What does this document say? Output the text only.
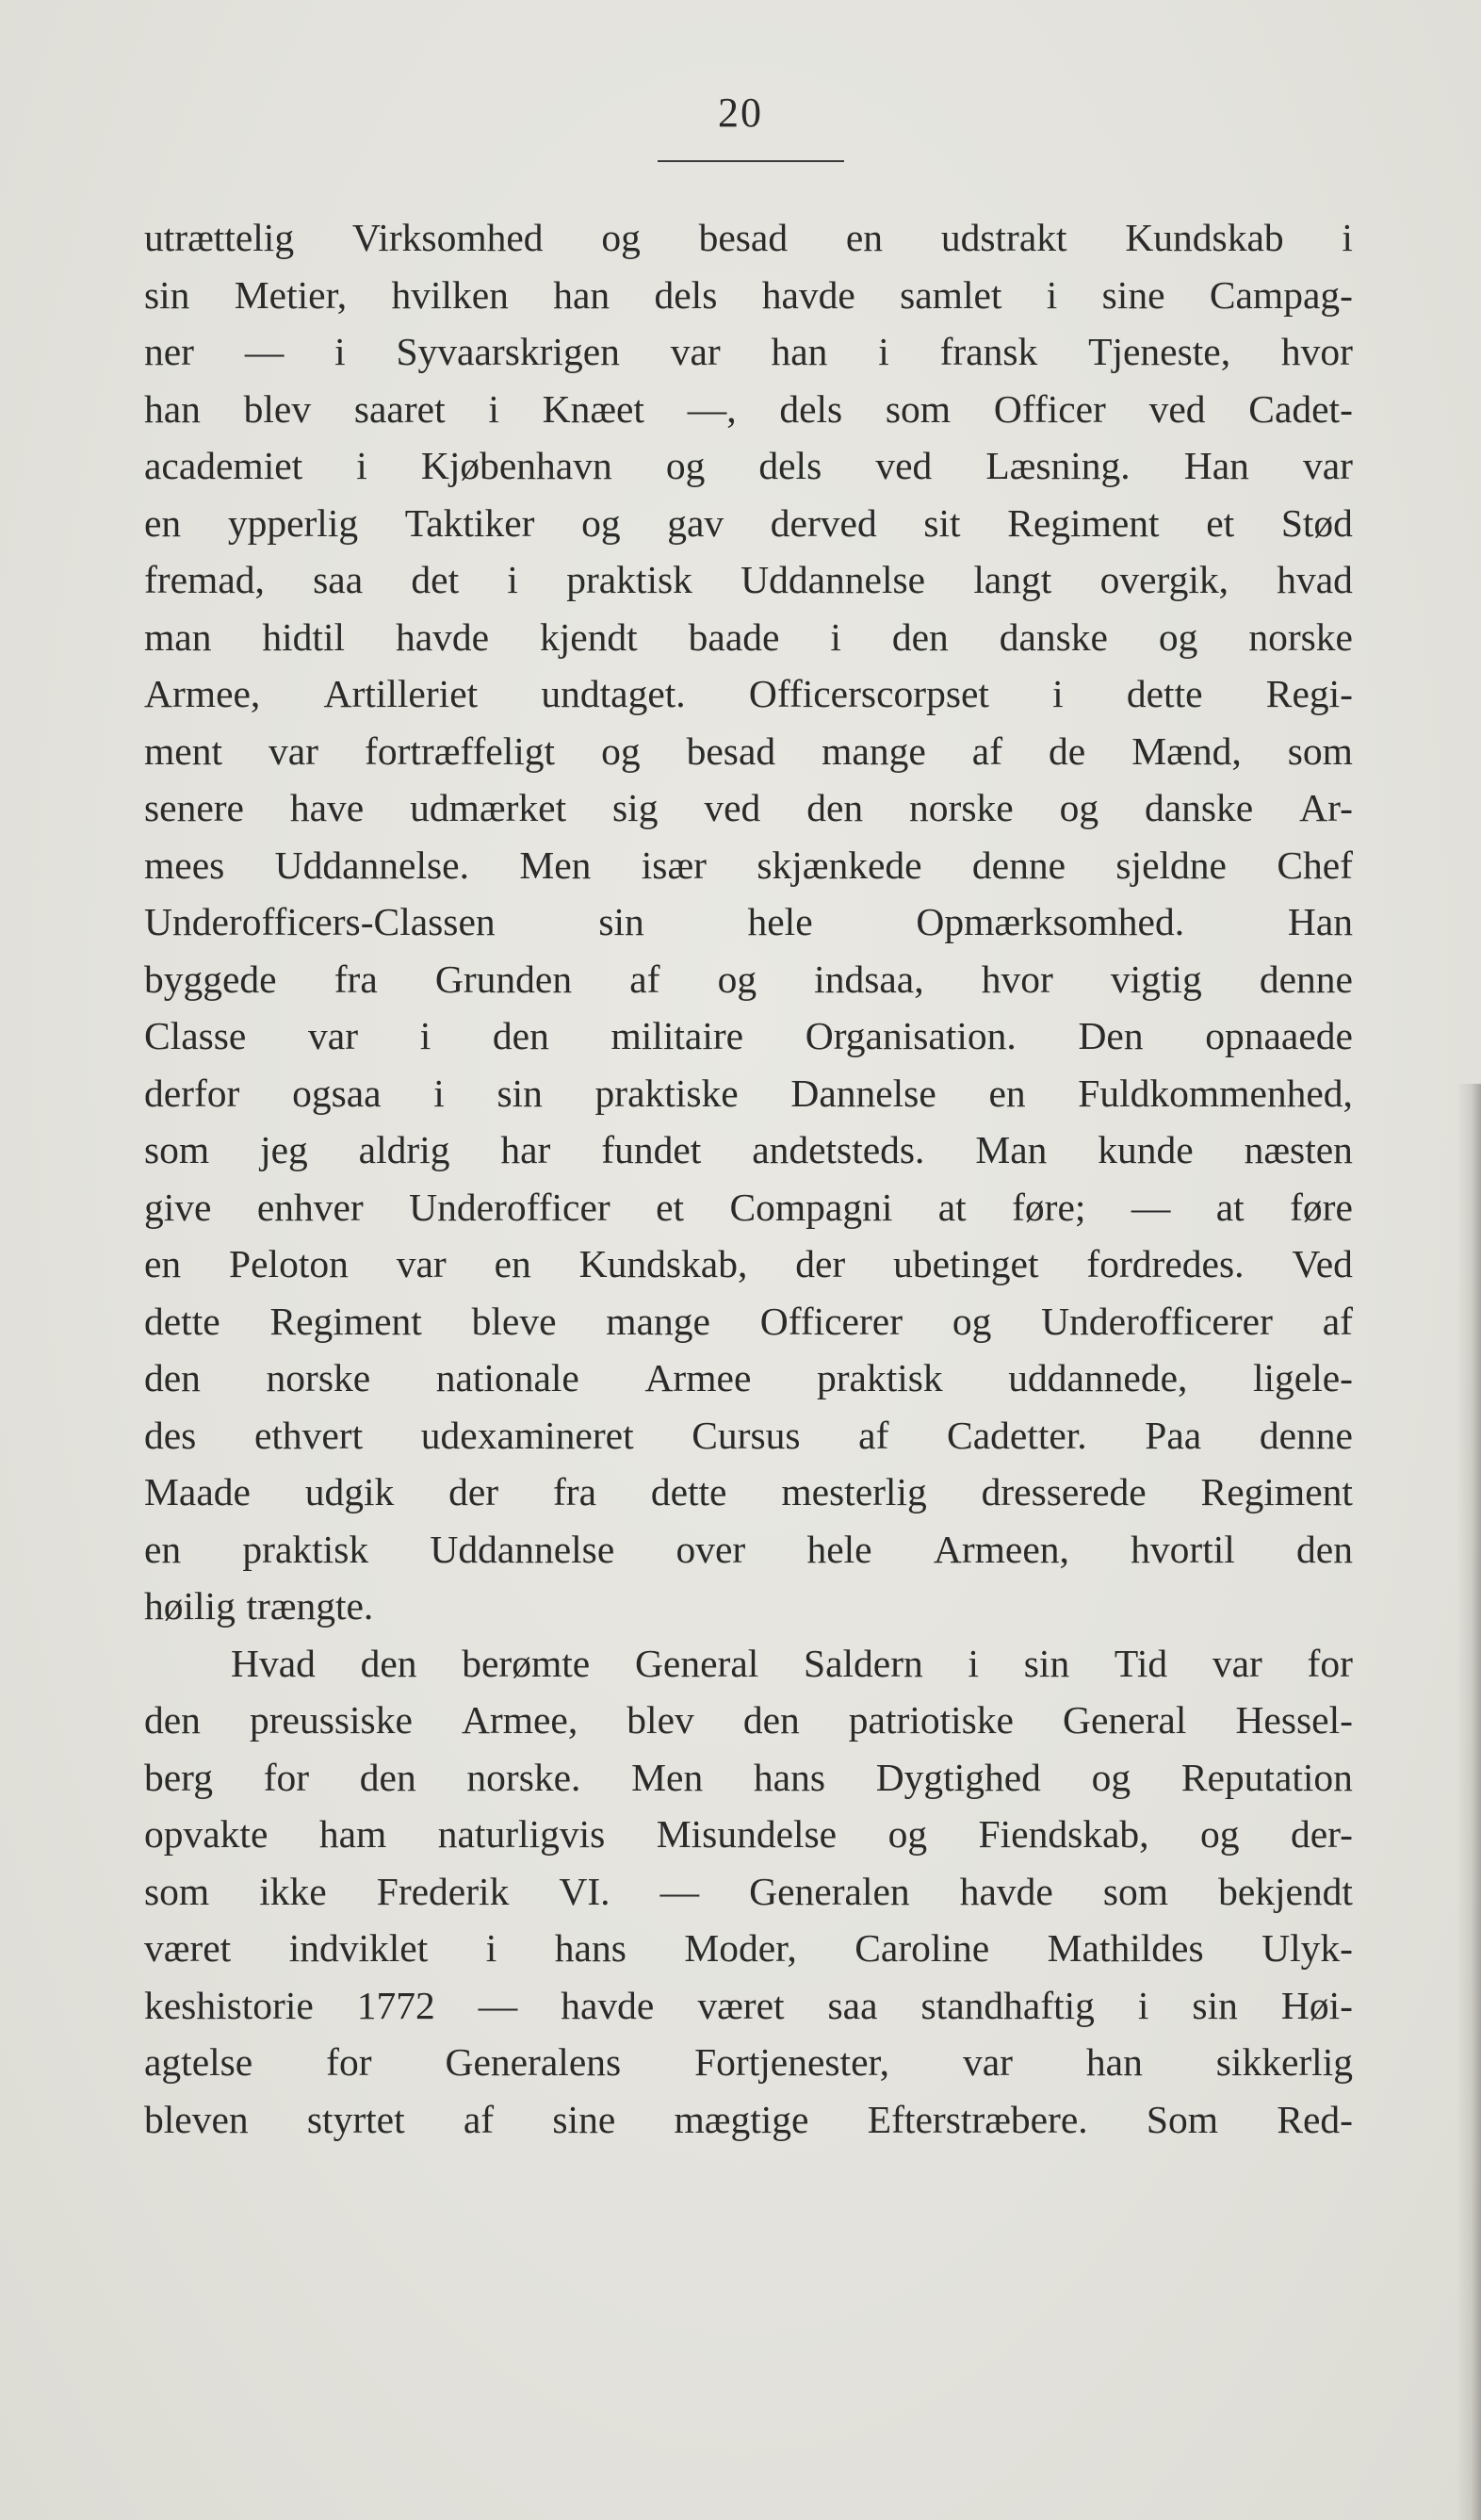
20
utrættelig Virksomhed og besad en udstrakt Kundskab i
sin Metier, hvilken han dels havde samlet i sine Campag-
ner — i Syvaarskrigen var han i fransk Tjeneste, hvor
han blev saaret i Knæet —, dels som Officer ved Cadet-
academiet i Kjøbenhavn og dels ved Læsning. Han var
en ypperlig Taktiker og gav derved sit Regiment et Stød
fremad, saa det i praktisk Uddannelse langt overgik, hvad
man hidtil havde kjendt baade i den danske og norske
Armee, Artilleriet undtaget. Officerscorpset i dette Regi-
ment var fortræffeligt og besad mange af de Mænd, som
senere have udmærket sig ved den norske og danske Ar-
mees Uddannelse. Men især skjænkede denne sjeldne Chef
Underofficers-Classen	sin	hele	Opmærksomhed.	Han
byggede fra Grunden af og indsaa, hvor vigtig denne
Classe var i den militaire Organisation. Den opnaaede
derfor ogsaa i sin praktiske Dannelse en Fuldkommenhed,
som jeg aldrig har fundet andetsteds. Man kunde næsten
give enhver Underofficer et Compagni at føre; — at føre
en Peloton var en Kundskab, der ubetinget fordredes. Ved
dette Regiment bleve mange Officerer og Underofficerer af
den norske nationale Armee praktisk uddannede, ligele-
des ethvert udexamineret Cursus af Cadetter. Paa denne
Maade udgik der fra dette mesterlig dresserede Regiment
en praktisk Uddannelse over hele Armeen, hvortil den
høilig trængte.
Hvad den berømte General Saldern i sin Tid var for
den preussiske Armee, blev den patriotiske General Hessel-
berg for den norske. Men hans Dygtighed og Reputation
opvakte ham naturligvis Misundelse og Fiendskab, og der-
som ikke Frederik VI. — Generalen havde som bekjendt
været indviklet i hans Moder, Caroline Mathildes Ulyk-
keshistorie 1772 — havde været saa standhaftig i sin Høi-
agtelse for Generalens Fortjenester, var han sikkerlig
bleven styrtet af sine mægtige Efterstræbere. Som Red-
